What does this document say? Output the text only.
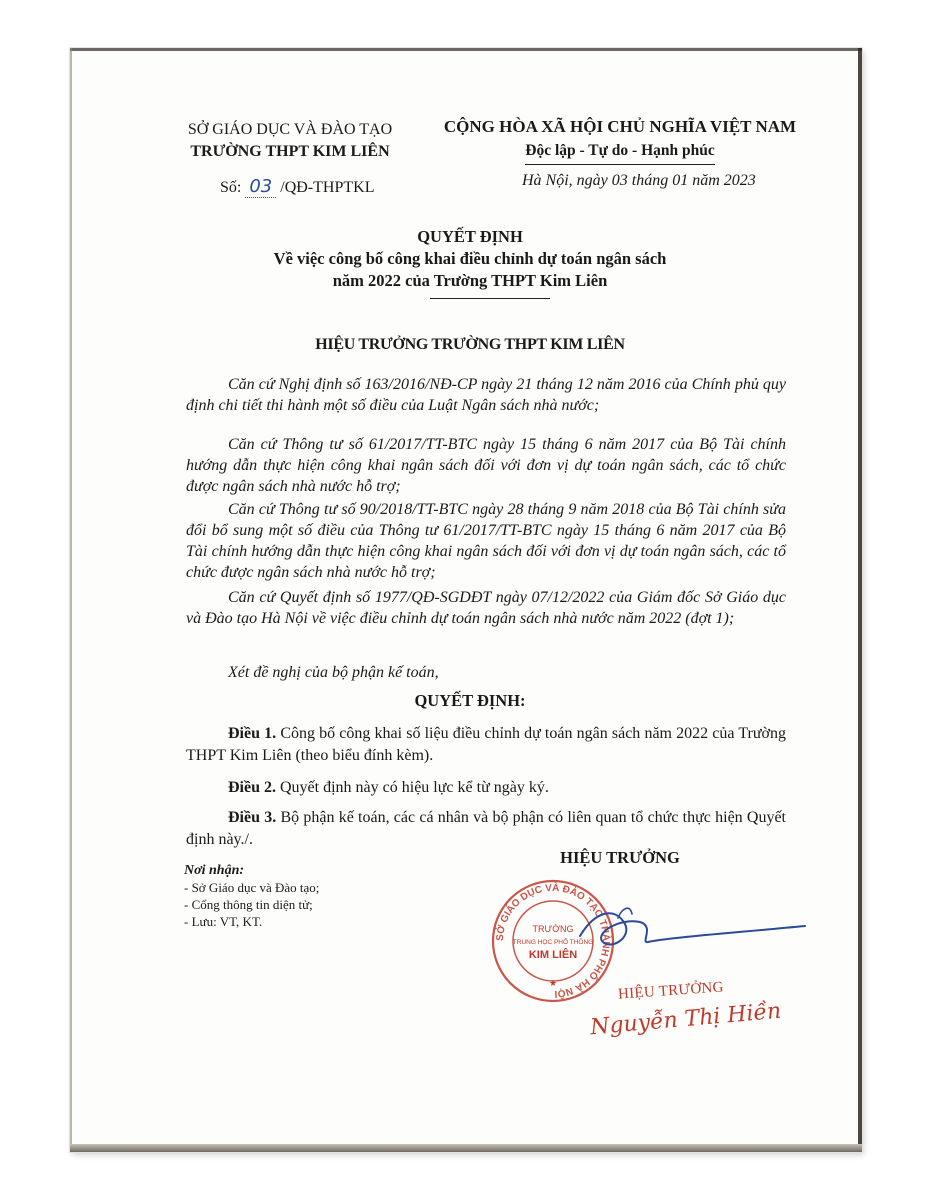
SỞ GIÁO DỤC VÀ ĐÀO TẠO
TRƯỜNG THPT KIM LIÊN
Số: 03 /QĐ-THPTKL
CỘNG HÒA XÃ HỘI CHỦ NGHĨA VIỆT NAM
Độc lập - Tự do - Hạnh phúc
Hà Nội, ngày 03 tháng 01 năm 2023
QUYẾT ĐỊNH
Về việc công bố công khai điều chỉnh dự toán ngân sách
năm 2022 của Trường THPT Kim Liên
HIỆU TRƯỞNG TRƯỜNG THPT KIM LIÊN
Căn cứ Nghị định số 163/2016/NĐ-CP ngày 21 tháng 12 năm 2016 của Chính phủ quy định chi tiết thi hành một số điều của Luật Ngân sách nhà nước;
Căn cứ Thông tư số 61/2017/TT-BTC ngày 15 tháng 6 năm 2017 của Bộ Tài chính hướng dẫn thực hiện công khai ngân sách đối với đơn vị dự toán ngân sách, các tổ chức được ngân sách nhà nước hỗ trợ;
Căn cứ Thông tư số 90/2018/TT-BTC ngày 28 tháng 9 năm 2018 của Bộ Tài chính sửa đổi bổ sung một số điều của Thông tư 61/2017/TT-BTC ngày 15 tháng 6 năm 2017 của Bộ Tài chính hướng dẫn thực hiện công khai ngân sách đối với đơn vị dự toán ngân sách, các tổ chức được ngân sách nhà nước hỗ trợ;
Căn cứ Quyết định số 1977/QĐ-SGDĐT ngày 07/12/2022 của Giám đốc Sở Giáo dục và Đào tạo Hà Nội về việc điều chỉnh dự toán ngân sách nhà nước năm 2022 (đợt 1);
Xét đề nghị của bộ phận kế toán,
QUYẾT ĐỊNH:
Điều 1. Công bố công khai số liệu điều chỉnh dự toán ngân sách năm 2022 của Trường THPT Kim Liên (theo biểu đính kèm).
Điều 2. Quyết định này có hiệu lực kể từ ngày ký.
Điều 3. Bộ phận kế toán, các cá nhân và bộ phận có liên quan tổ chức thực hiện Quyết định này./.
Nơi nhận:
- Sở Giáo dục và Đào tạo;
- Cổng thông tin diện tử;
- Lưu: VT, KT.
HIỆU TRƯỞNG
SỞ GIÁO DỤC VÀ ĐÀO TẠO THÀNH PHỐ HÀ NỘI
TRƯỜNG
TRUNG HỌC PHỔ THÔNG
KIM LIÊN
★	HIỆU TRƯỞNG
Nguyễn Thị Hiền
